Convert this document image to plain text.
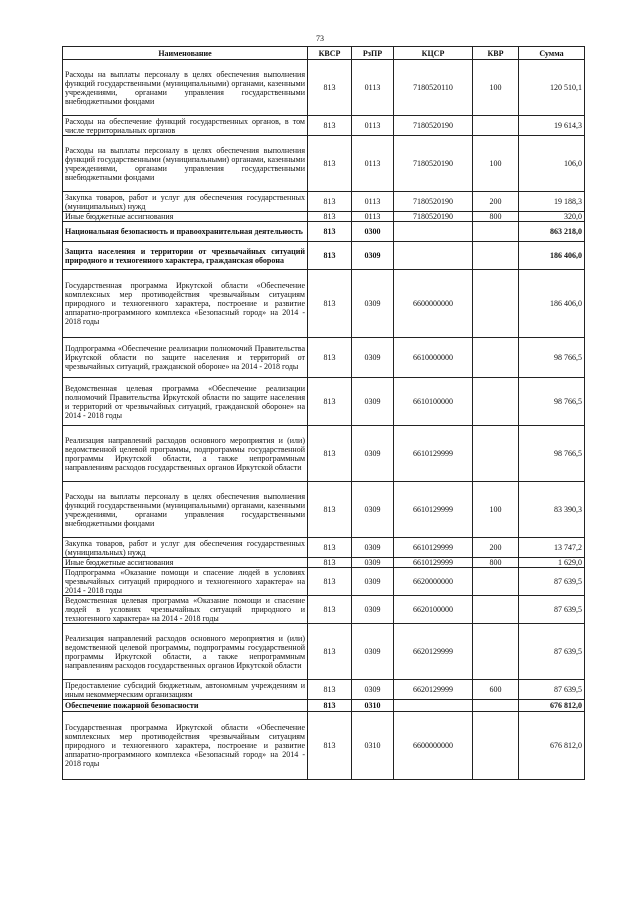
73
Наименование	КВСР	РзПР	КЦСР	КВР	Сумма
Расходы на выплаты персоналу в целях обеспечения выполнения функций государственными (муниципальными) органами, казенными учреждениями, органами управления государственными внебюджетными фондами	813	0113	7180520110	100	120 510,1
Расходы на обеспечение функций государственных органов, в том числе территориальных органов	813	0113	7180520190		19 614,3
Расходы на выплаты персоналу в целях обеспечения выполнения функций государственными (муниципальными) органами, казенными учреждениями, органами управления государственными внебюджетными фондами	813	0113	7180520190	100	106,0
Закупка товаров, работ и услуг для обеспечения государственных (муниципальных) нужд	813	0113	7180520190	200	19 188,3
Иные бюджетные ассигнования	813	0113	7180520190	800	320,0
Национальная безопасность и правоохранительная деятельность	813	0300			863 218,0
Защита населения и территории от чрезвычайных ситуаций природного и техногенного характера, гражданская оборона	813	0309			186 406,0
Государственная программа Иркутской области «Обеспечение комплексных мер противодействия чрезвычайным ситуациям природного и техногенного характера, построение и развитие аппаратно-программного комплекса «Безопасный город» на 2014 - 2018 годы	813	0309	6600000000		186 406,0
Подпрограмма «Обеспечение реализации полномочий Правительства Иркутской области по защите населения и территорий от чрезвычайных ситуаций, гражданской обороне» на 2014 - 2018 годы	813	0309	6610000000		98 766,5
Ведомственная целевая программа «Обеспечение реализации полномочий Правительства Иркутской области по защите населения и территорий от чрезвычайных ситуаций, гражданской обороне» на 2014 - 2018 годы	813	0309	6610100000		98 766,5
Реализация направлений расходов основного мероприятия и (или) ведомственной целевой программы, подпрограммы государственной программы Иркутской области, а также непрограммным направлениям расходов государственных органов Иркутской области	813	0309	6610129999		98 766,5
Расходы на выплаты персоналу в целях обеспечения выполнения функций государственными (муниципальными) органами, казенными учреждениями, органами управления государственными внебюджетными фондами	813	0309	6610129999	100	83 390,3
Закупка товаров, работ и услуг для обеспечения государственных (муниципальных) нужд	813	0309	6610129999	200	13 747,2
Иные бюджетные ассигнования	813	0309	6610129999	800	1 629,0
Подпрограмма «Оказание помощи и спасение людей в условиях чрезвычайных ситуаций природного и техногенного характера» на 2014 - 2018 годы	813	0309	6620000000		87 639,5
Ведомственная целевая программа «Оказание помощи и спасение людей в условиях чрезвычайных ситуаций природного и техногенного характера» на 2014 - 2018 годы	813	0309	6620100000		87 639,5
Реализация направлений расходов основного мероприятия и (или) ведомственной целевой программы, подпрограммы государственной программы Иркутской области, а также непрограммным направлениям расходов государственных органов Иркутской области	813	0309	6620129999		87 639,5
Предоставление субсидий бюджетным, автономным учреждениям и иным некоммерческим организациям	813	0309	6620129999	600	87 639,5
Обеспечение пожарной безопасности	813	0310			676 812,0
Государственная программа Иркутской области «Обеспечение комплексных мер противодействия чрезвычайным ситуациям природного и техногенного характера, построение и развитие аппаратно-программного комплекса «Безопасный город» на 2014 - 2018 годы	813	0310	6600000000		676 812,0
